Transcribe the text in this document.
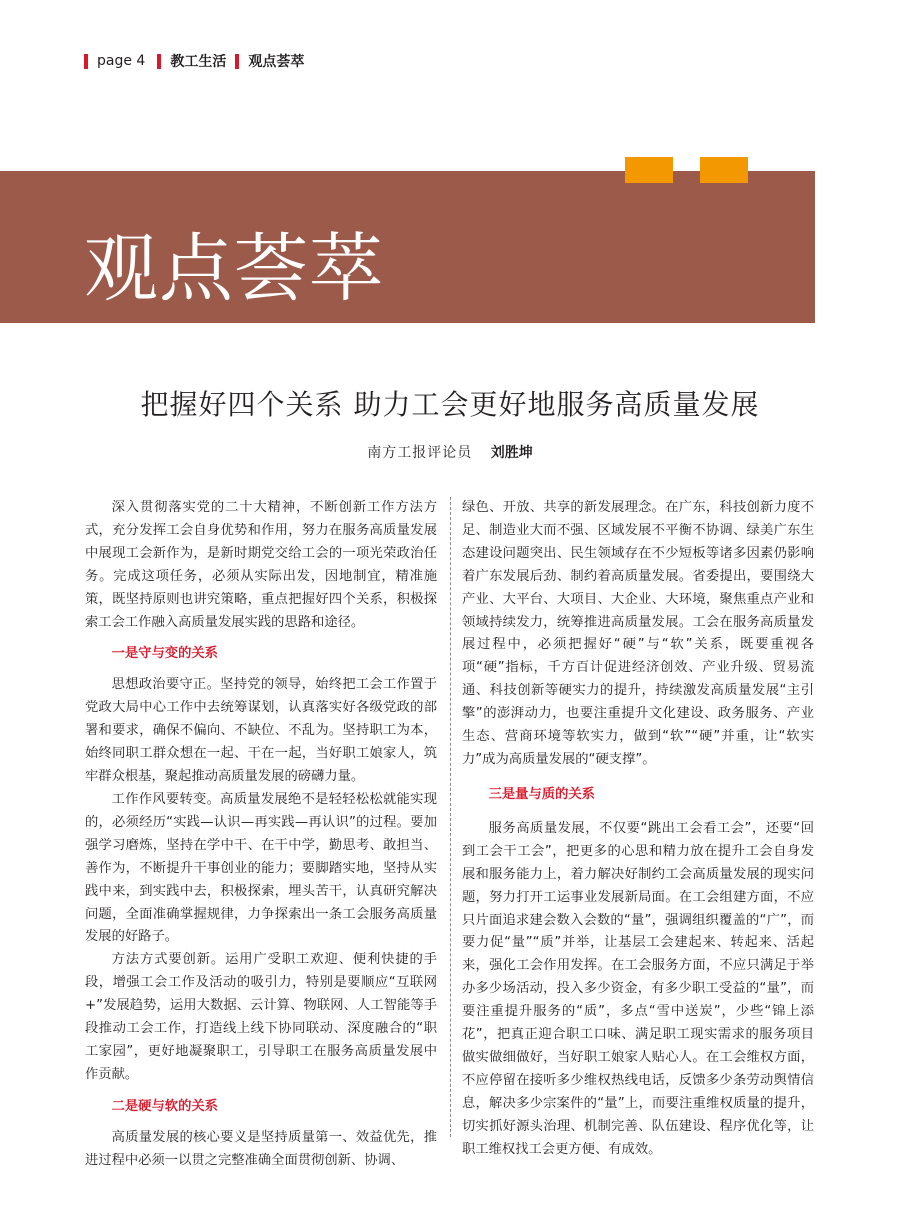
page 4 教工生活 观点荟萃
观点荟萃
把握好四个关系 助力工会更好地服务高质量发展
南方工报评论员 刘胜坤

深入贯彻落实党的二十大精神，不断创新工作方法方式，充分发挥工会自身优势和作用，努力在服务高质量发展中展现工会新作为，是新时期党交给工会的一项光荣政治任务。完成这项任务，必须从实际出发，因地制宜，精准施策，既坚持原则也讲究策略，重点把握好四个关系，积极探索工会工作融入高质量发展实践的思路和途径。

一是守与变的关系

思想政治要守正。坚持党的领导，始终把工会工作置于党政大局中心工作中去统筹谋划，认真落实好各级党政的部署和要求，确保不偏向、不缺位、不乱为。坚持职工为本，始终同职工群众想在一起、干在一起，当好职工娘家人，筑牢群众根基，聚起推动高质量发展的磅礴力量。

工作作风要转变。高质量发展绝不是轻轻松松就能实现的，必须经历“实践—认识—再实践—再认识”的过程。要加强学习磨炼，坚持在学中干、在干中学，勤思考、敢担当、善作为，不断提升干事创业的能力；要脚踏实地，坚持从实践中来，到实践中去，积极探索，埋头苦干，认真研究解决问题，全面准确掌握规律，力争探索出一条工会服务高质量发展的好路子。

方法方式要创新。运用广受职工欢迎、便利快捷的手段，增强工会工作及活动的吸引力，特别是要顺应“互联网 +”发展趋势，运用大数据、云计算、物联网、人工智能等手段推动工会工作，打造线上线下协同联动、深度融合的“职工家园”，更好地凝聚职工，引导职工在服务高质量发展中作贡献。

二是硬与软的关系

高质量发展的核心要义是坚持质量第一、效益优先，推进过程中必须一以贯之完整准确全面贯彻创新、协调、

绿色、开放、共享的新发展理念。在广东，科技创新力度不足、制造业大而不强、区域发展不平衡不协调、绿美广东生态建设问题突出、民生领域存在不少短板等诸多因素仍影响着广东发展后劲、制约着高质量发展。省委提出，要围绕大产业、大平台、大项目、大企业、大环境，聚焦重点产业和领域持续发力，统筹推进高质量发展。工会在服务高质量发展过程中，必须把握好“硬”与“软”关系，既要重视各项“硬”指标，千方百计促进经济创效、产业升级、贸易流通、科技创新等硬实力的提升，持续激发高质量发展“主引擎”的澎湃动力，也要注重提升文化建设、政务服务、产业生态、营商环境等软实力，做到“软”“硬”并重，让“软实力”成为高质量发展的“硬支撑”。

三是量与质的关系

服务高质量发展，不仅要“跳出工会看工会”，还要“回到工会干工会”，把更多的心思和精力放在提升工会自身发展和服务能力上，着力解决好制约工会高质量发展的现实问题，努力打开工运事业发展新局面。在工会组建方面，不应只片面追求建会数入会数的“量”，强调组织覆盖的“广”，而要力促“量”“质”并举，让基层工会建起来、转起来、活起来，强化工会作用发挥。在工会服务方面，不应只满足于举办多少场活动，投入多少资金，有多少职工受益的“量”，而要注重提升服务的“质”，多点“雪中送炭”，少些“锦上添花”，把真正迎合职工口味、满足职工现实需求的服务项目做实做细做好，当好职工娘家人贴心人。在工会维权方面，不应停留在接听多少维权热线电话，反馈多少条劳动舆情信息，解决多少宗案件的“量”上，而要注重维权质量的提升，切实抓好源头治理、机制完善、队伍建设、程序优化等，让职工维权找工会更方便、有成效。
